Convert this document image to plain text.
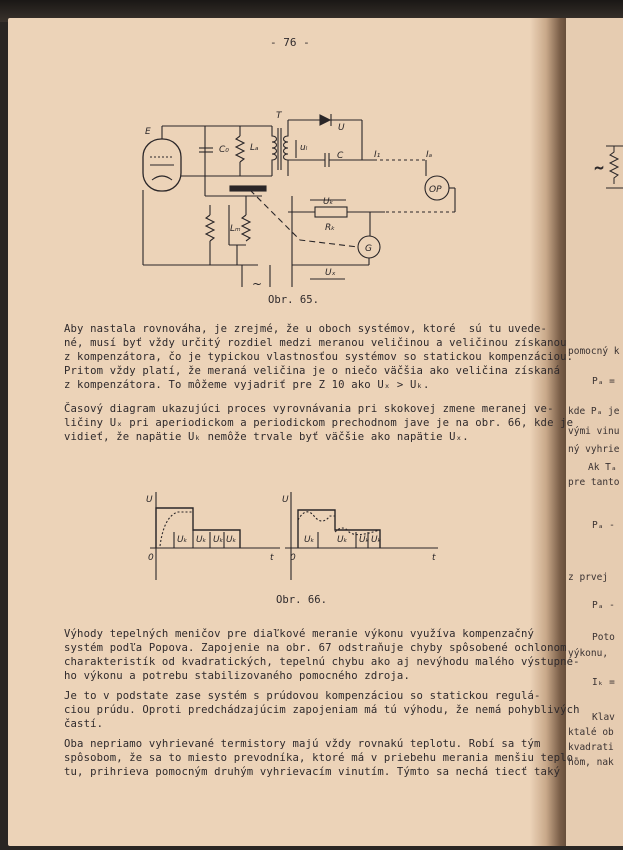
- 76 -
E
T
U
C₀ Lₐ	uₗ
C	I₁	Iₐ
OP
Uₖ
Rₖ
Lₘ
G
Uₓ
~
Obr. 65.
Aby nastala rovnováha, je zrejmé, že u oboch systémov, ktoré  sú tu uvede-
né, musí byť vždy určitý rozdiel medzi meranou veličinou a veličinou získanou
z kompenzátora, čo je typickou vlastnosťou systémov so statickou kompenzáciou.
Pritom vždy platí, že meraná veličina je o niečo väčšia ako veličina získaná
z kompenzátora. To môžeme vyjadriť pre Z 10 ako Uₓ > Uₖ.
Časový diagram ukazujúci proces vyrovnávania pri skokovej zmene meranej ve-
ličiny Uₓ pri aperiodickom a periodickom prechodnom jave je na obr. 66, kde je
vidieť, že napätie Uₖ nemôže trvale byť väčšie ako napätie Uₓ.
U
0	t
Uₖ Uₖ Uₖ Uₖ
U
0	t
Uₖ	Uₖ Uₖ Uₖ
Obr. 66.
Výhody tepelných meničov pre diaľkové meranie výkonu využíva kompenzačný
systém podľa Popova. Zapojenie na obr. 67 odstraňuje chyby spôsobené ochlonom
charakteristík od kvadratických, tepelnú chybu ako aj nevýhodu malého výstupné-
ho výkonu a potrebu stabilizovaného pomocného zdroja.
Je to v podstate zase systém s prúdovou kompenzáciou so statickou regulá-
ciou prúdu. Oproti predchádzajúcim zapojeniam má tú výhodu, že nemá pohyblivých
častí.
Oba nepriamo vyhrievané termistory majú vždy rovnakú teplotu. Robí sa tým
spôsobom, že sa to miesto prevodníka, ktoré má v priebehu merania menšiu teplo-
tu, prihrieva pomocným druhým vyhrievacím vinutím. Týmto sa nechá tiecť taký
pomocný k
Pₐ =
kde Pₐ je
vými vinu
ný vyhrie
Ak Tₐ
pre tanto
Pₐ -
z prvej
Pₐ -
Poto
výkonu,
Iₖ =
Klav
ktalé ob
kvadrati
hom, nak
~
